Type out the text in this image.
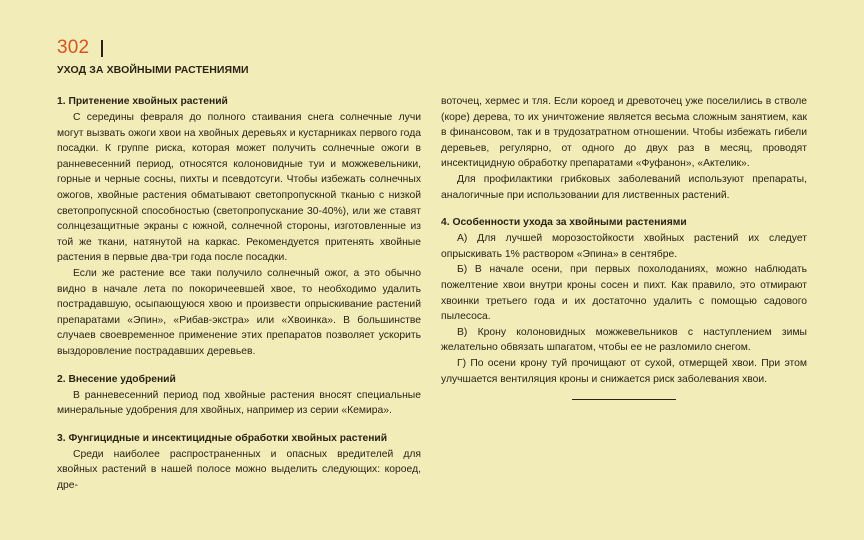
302
УХОД ЗА ХВОЙНЫМИ РАСТЕНИЯМИ
1. Притенение хвойных растений

С середины февраля до полного стаивания снега солнечные лучи могут вызвать ожоги хвои на хвойных деревьях и кустарниках первого года посадки. К группе риска, которая может получить солнечные ожоги в ранневесенний период, относятся колоновидные туи и можжевельники, горные и черные сосны, пихты и псевдотсуги. Чтобы избежать солнечных ожогов, хвойные растения обматывают светопропускной тканью с низкой светопропускной способностью (светопропускание 30-40%), или же ставят солнцезащитные экраны с южной, солнечной стороны, изготовленные из той же ткани, натянутой на каркас. Рекомендуется притенять хвойные растения в первые два-три года после посадки.

Если же растение все таки получило солнечный ожог, а это обычно видно в начале лета по покоричеевшей хвое, то необходимо удалить пострадавшую, осыпающуюся хвою и произвести опрыскивание растений препаратами «Эпин», «Рибав-экстра» или «Хвоинка». В большинстве случаев своевременное применение этих препаратов позволяет ускорить выздоровление пострадавших деревьев.

2. Внесение удобрений

В ранневесенний период под хвойные растения вносят специальные минеральные удобрения для хвойных, например из серии «Кемира».

3. Фунгицидные и инсектицидные обработки хвойных растений

Среди наиболее распространенных и опасных вредителей для хвойных растений в нашей полосе можно выделить следующих: короед, дре-

воточец, хермес и тля. Если короед и древоточец уже поселились в стволе (коре) дерева, то их уничтожение является весьма сложным занятием, как в финансовом, так и в трудозатратном отношении. Чтобы избежать гибели деревьев, регулярно, от одного до двух раз в месяц, проводят инсектицидную обработку препаратами «Фуфанон», «Актелик».

Для профилактики грибковых заболеваний используют препараты, аналогичные при использовании для лиственных растений.

4. Особенности ухода за хвойными растениями

А) Для лучшей морозостойкости хвойных растений их следует опрыскивать 1% раствором «Эпина» в сентябре.

Б) В начале осени, при первых похолоданиях, можно наблюдать пожелтение хвои внутри кроны сосен и пихт. Как правило, это отмирают хвоинки третьего года и их достаточно удалить с помощью садового пылесоса.

В) Крону колоновидных можжевельников с наступлением зимы желательно обвязать шпагатом, чтобы ее не разломило снегом.

Г) По осени крону туй прочищают от сухой, отмерщей хвои. При этом улучшается вентиляция кроны и снижается риск заболевания хвои.
